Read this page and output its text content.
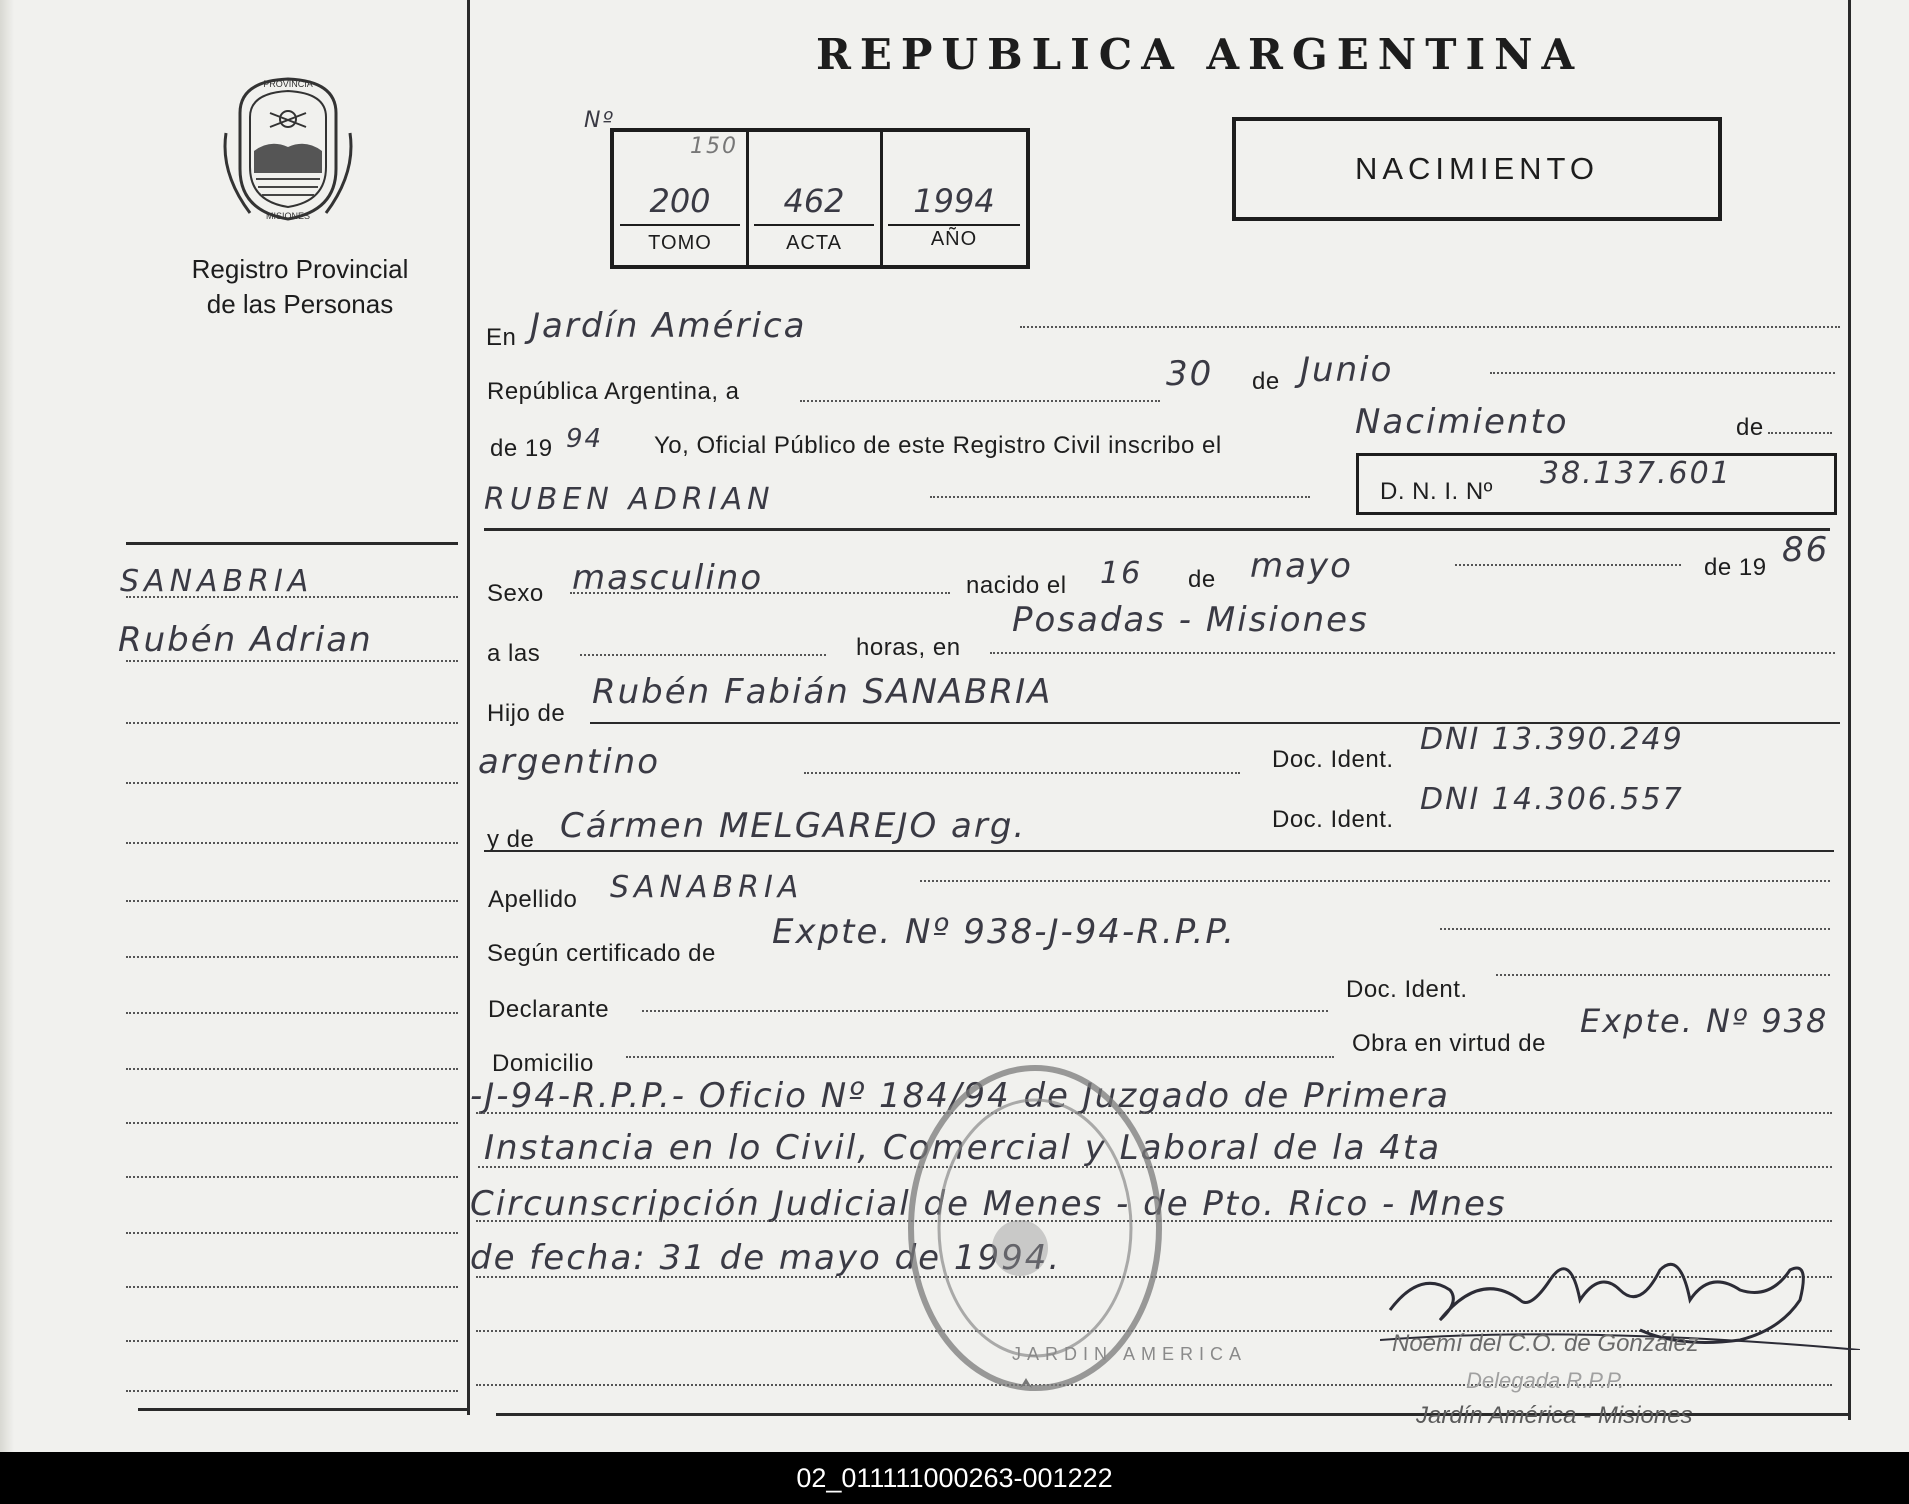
PROVINCIA
MISIONES
Registro Provincial
de las Personas
REPUBLICA ARGENTINA
NACIMIENTO
Nº
150
200
TOMO
462
ACTA
1994
AÑO
En Jardín América
República Argentina, a	30 de Junio
de 19 94 Yo, Oficial Público de este Registro Civil inscribo el
Nacimiento	de
RUBEN ADRIAN	D. N. I. Nº
38.137.601
Sexo masculino	nacido el 16 de mayo	de 19 86
a las	horas, en
Posadas - Misiones
Hijo de
Rubén Fabián SANABRIA
argentino	Doc. Ident.
DNI 13.390.249
y de Cármen MELGAREJO arg.	Doc. Ident.
DNI 14.306.557
Apellido SANABRIA
Según certificado de
Expte. Nº 938-J-94-R.P.P.
Declarante
Doc. Ident.
Domicilio
Obra en virtud de
Expte. Nº 938
-J-94-R.P.P.- Oficio Nº 184/94 de Juzgado de Primera
Instancia en lo Civil, Comercial y Laboral de la 4ta
Circunscripción Judicial de Menes - de Pto. Rico - Mnes
de fecha: 31 de mayo de 1994.
SANABRIA
Rubén Adrian
JARDIN AMERICA	Noemí del C.O. de González
Delegada R.P.P.
Jardín América - Misiones
02_011111000263-001222
